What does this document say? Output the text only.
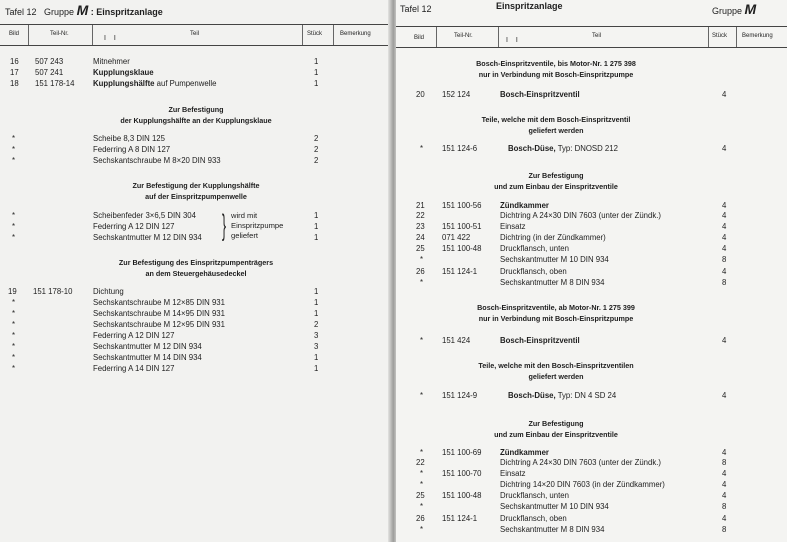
Tafel 12 Gruppe M : Einspritzanlage
Bild	Teil-Nr.
I I
Teil	Stück	Bemerkung
16 507 243	Mitnehmer	1
17 507 241	Kupplungsklaue	1
18 151 178-14 Kupplungshälfte auf Pumpenwelle	1
Zur Befestigung
der Kupplungshälfte an der Kupplungsklaue
*	Scheibe 8,3 DIN 125	2
*	Federring A 8 DIN 127	2
*	Sechskantschraube M 8×20 DIN 933	2
Zur Befestigung der Kupplungshälfte
auf der Einspritzpumpenwelle
*	Scheibenfeder 3×6,5 DIN 304	1
*	Federring A 12 DIN 127	1
*	Sechskantmutter M 12 DIN 934	1
} wird mit
Einspritzpumpe
geliefert
Zur Befestigung des Einspritzpumpenträgers
an dem Steuergehäusedeckel
19 151 178-10	Dichtung	1
*	Sechskantschraube M 12×85 DIN 931	1
*	Sechskantschraube M 14×95 DIN 931	1
*	Sechskantschraube M 12×95 DIN 931	2
*	Federring A 12 DIN 127	3
*	Sechskantmutter M 12 DIN 934	3
*	Sechskantmutter M 14 DIN 934	1
*	Federring A 14 DIN 127	1
Tafel 12	Einspritzanlage	Gruppe M
Bild	Teil-Nr.
I I
Teil	Stück Bemerkung
Bosch-Einspritzventile, bis Motor-Nr. 1 275 398
nur in Verbindung mit Bosch-Einspritzpumpe
20 152 124	Bosch-Einspritzventil	4
Teile, welche mit dem Bosch-Einspritzventil
geliefert werden
* 151 124-6	Bosch-Düse, Typ: DNOSD 212	4
Zur Befestigung
und zum Einbau der Einspritzventile
21 151 100-56 Zündkammer	4
22	Dichtring A 24×30 DIN 7603 (unter der Zündk.)	4
23 151 100-51 Einsatz	4
24 071 422	Dichtring (in der Zündkammer)	4
25 151 100-48 Druckflansch, unten	4
*	Sechskantmutter M 10 DIN 934	8
26 151 124-1	Druckflansch, oben	4
*	Sechskantmutter M 8 DIN 934	8
Bosch-Einspritzventile, ab Motor-Nr. 1 275 399
nur in Verbindung mit Bosch-Einspritzpumpe
* 151 424	Bosch-Einspritzventil	4
Teile, welche mit den Bosch-Einspritzventilen
geliefert werden
* 151 124-9	Bosch-Düse, Typ: DN 4 SD 24	4
Zur Befestigung
und zum Einbau der Einspritzventile
* 151 100-69 Zündkammer	4
22	Dichtring A 24×30 DIN 7603 (unter der Zündk.)	8
* 151 100-70 Einsatz	4
*	Dichtring 14×20 DIN 7603 (in der Zündkammer)	4
25 151 100-48 Druckflansch, unten	4
*	Sechskantmutter M 10 DIN 934	8
26 151 124-1	Druckflansch, oben	4
*	Sechskantmutter M 8 DIN 934	8
